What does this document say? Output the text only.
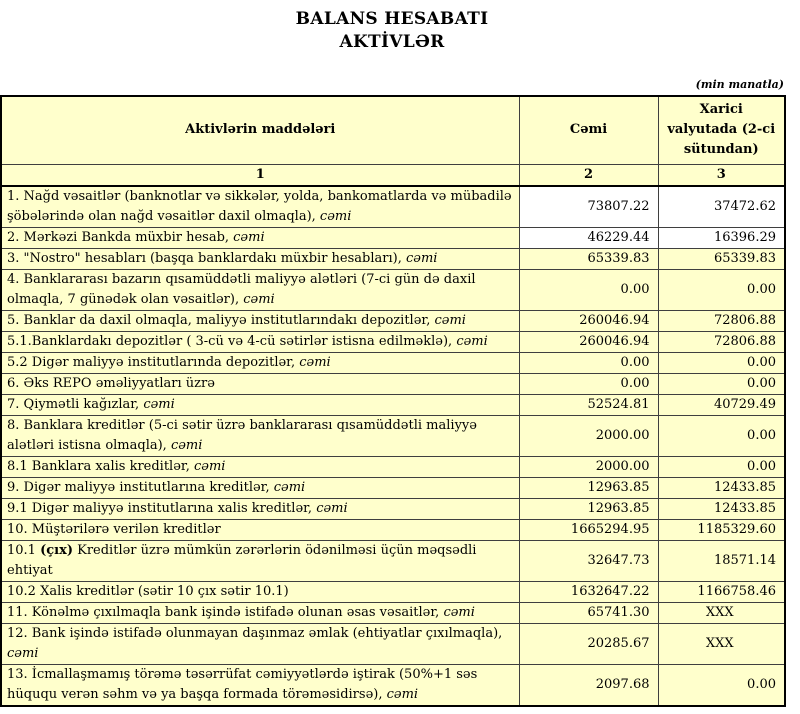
BALANS HESABATI
AKTİVLƏR
(min manatla)
Aktivlərin maddələri	Cəmi	Xarici valyutada (2-ci sütundan)
1	2	3
1. Nağd vəsaitlər (banknotlar və sikkələr, yolda, bankomatlarda və mübadilə şöbələrində olan nağd vəsaitlər daxil olmaqla), cəmi	73807.22	37472.62
2. Mərkəzi Bankda müxbir hesab, cəmi	46229.44	16396.29
3. "Nostro" hesabları (başqa banklardakı müxbir hesabları), cəmi	65339.83	65339.83
4. Banklararası bazarın qısamüddətli maliyyə alətləri (7-ci gün də daxil olmaqla, 7 günədək olan vəsaitlər), cəmi	0.00	0.00
5. Banklar da daxil olmaqla, maliyyə institutlarındakı depozitlər, cəmi	260046.94	72806.88
5.1.Banklardakı depozitlər ( 3-cü və 4-cü sətirlər istisna edilməklə), cəmi	260046.94	72806.88
5.2 Digər maliyyə institutlarında depozitlər, cəmi	0.00	0.00
6. Əks REPO əməliyyatları üzrə	0.00	0.00
7. Qiymətli kağızlar, cəmi	52524.81	40729.49
8. Banklara kreditlər (5-ci sətir üzrə banklararası qısamüddətli maliyyə alətləri istisna olmaqla), cəmi	2000.00	0.00
8.1 Banklara xalis kreditlər, cəmi	2000.00	0.00
9. Digər maliyyə institutlarına kreditlər, cəmi	12963.85	12433.85
9.1 Digər maliyyə institutlarına xalis kreditlər, cəmi	12963.85	12433.85
10. Müştərilərə verilən kreditlər	1665294.95	1185329.60
10.1 (çıx) Kreditlər üzrə mümkün zərərlərin ödənilməsi üçün məqsədli ehtiyat	32647.73	18571.14
10.2 Xalis kreditlər (sətir 10 çıx sətir 10.1)	1632647.22	1166758.46
11. Könəlmə çıxılmaqla bank işində istifadə olunan əsas vəsaitlər, cəmi	65741.30	XXX
12. Bank işində istifadə olunmayan daşınmaz əmlak (ehtiyatlar çıxılmaqla), cəmi	20285.67	XXX
13. İcmallaşmamış törəmə təsərrüfat cəmiyyətlərdə iştirak (50%+1 səs hüququ verən səhm və ya başqa formada törəməsidirsə), cəmi	2097.68	0.00
